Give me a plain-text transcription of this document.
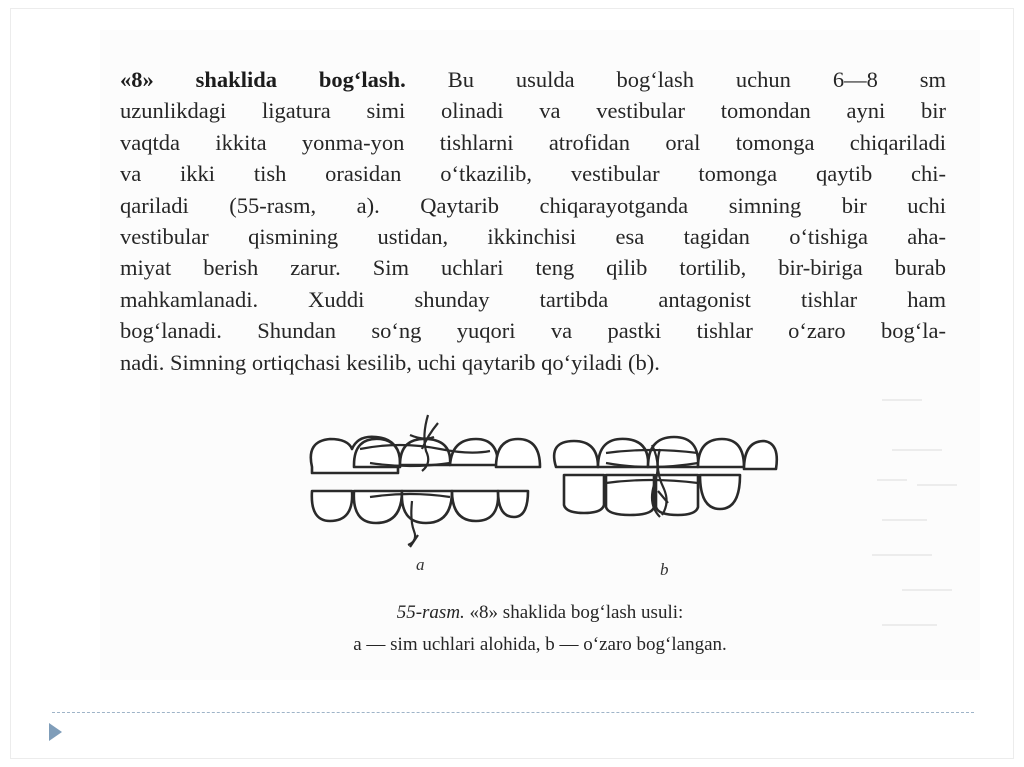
«8» shaklida bog‘lash. Bu usulda bog‘lash uchun 6—8 sm
uzunlikdagi ligatura simi olinadi va vestibular tomondan ayni bir
vaqtda ikkita yonma-yon tishlarni atrofidan oral tomonga chiqariladi
va ikki tish orasidan o‘tkazilib, vestibular tomonga qaytib chi-
qariladi (55-rasm, a). Qaytarib chiqarayotganda simning bir uchi
vestibular qismining ustidan, ikkinchisi esa tagidan o‘tishiga aha-
miyat berish zarur. Sim uchlari teng qilib tortilib, bir-biriga burab
mahkamlanadi. Xuddi shunday tartibda antagonist tishlar ham
bog‘lanadi. Shundan so‘ng yuqori va pastki tishlar o‘zaro bog‘la-
nadi. Simning ortiqchasi kesilib, uchi qaytarib qo‘yiladi (b).
a	b
55-rasm. «8» shaklida bog‘lash usuli:
a — sim uchlari alohida, b — o‘zaro bog‘langan.
